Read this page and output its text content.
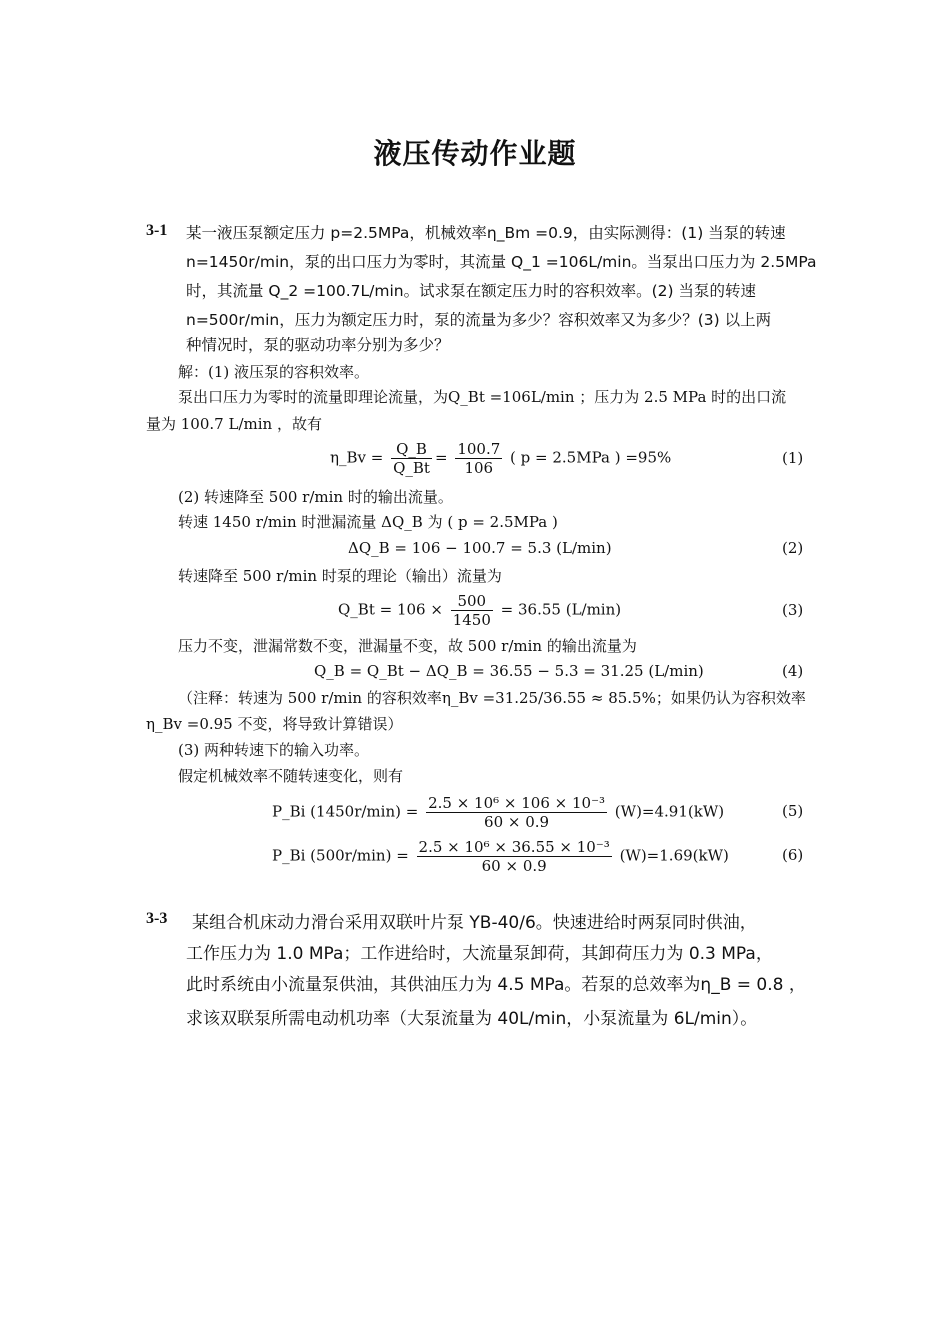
液压传动作业题
3-1 某一液压泵额定压力 p=2.5MPa，机械效率η_Bm =0.9，由实际测得：(1) 当泵的转速
n=1450r/min，泵的出口压力为零时，其流量 Q_1 =106L/min。当泵出口压力为 2.5MPa
时，其流量 Q_2 =100.7L/min。试求泵在额定压力时的容积效率。(2) 当泵的转速
n=500r/min，压力为额定压力时，泵的流量为多少？容积效率又为多少？(3) 以上两
种情况时，泵的驱动功率分别为多少？
解：(1) 液压泵的容积效率。
泵出口压力为零时的流量即理论流量，为Q_Bt =106L/min ；压力为 2.5 MPa 时的出口流
量为 100.7 L/min ，故有
η_Bv = $\frac{Q\_B}{Q\_Bt} = \frac{100.7}{106}$ ( p = 2.5MPa ) =95%	(1)
(2) 转速降至 500 r/min 时的输出流量。
转速 1450 r/min 时泄漏流量 ΔQ_B 为 ( p = 2.5MPa )
ΔQ_B = 106 − 100.7 = 5.3 (L/min)	(2)
转速降至 500 r/min 时泵的理论（输出）流量为
Q_Bt = $106 \times \frac{500}{1450} = 36.55$ (L/min)	(3)
压力不变，泄漏常数不变，泄漏量不变，故 500 r/min 的输出流量为
Q_B = Q_Bt − ΔQ_B = 36.55 − 5.3 = 31.25 (L/min)	(4)
（注释：转速为 500 r/min 的容积效率η_Bv =31.25/36.55 ≈ 85.5%；如果仍认为容积效率
η_Bv =0.95 不变，将导致计算错误）
(3) 两种转速下的输入功率。
假定机械效率不随转速变化，则有
P_Bi $(1450r/\min) = \frac{\text{2.5 × 10⁶ × 106 × 10⁻³}}{60 \times 0.9} (W)=4.91(kW)$	(5)
P_Bi $(500r/\min) = \frac{\text{2.5 × 10⁶ × 36.55 × 10⁻³}}{60 \times 0.9} (W)=1.69(kW)$	(6)
3-3 某组合机床动力滑台采用双联叶片泵 YB-40/6。快速进给时两泵同时供油，
工作压力为 1.0 MPa；工作进给时，大流量泵卸荷，其卸荷压力为 0.3 MPa，
此时系统由小流量泵供油，其供油压力为 4.5 MPa。若泵的总效率为η_B = 0.8 ，
求该双联泵所需电动机功率（大泵流量为 40L/min，小泵流量为 6L/min）。
